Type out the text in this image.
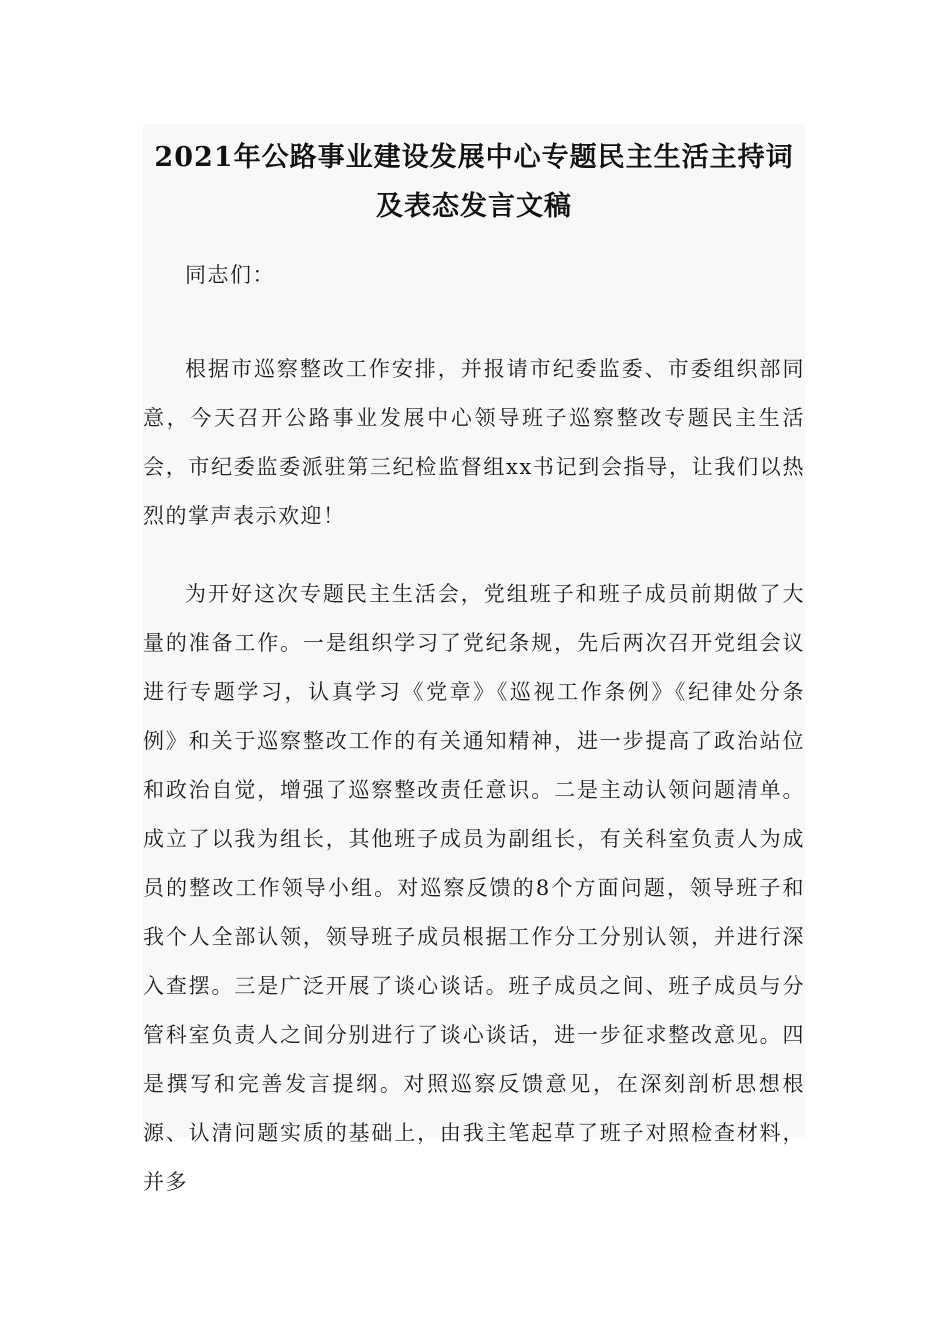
2021年公路事业建设发展中心专题民主生活主持词及表态发言文稿

同志们：

根据市巡察整改工作安排，并报请市纪委监委、市委组织部同意，今天召开公路事业发展中心领导班子巡察整改专题民主生活会，市纪委监委派驻第三纪检监督组xx书记到会指导，让我们以热烈的掌声表示欢迎！

为开好这次专题民主生活会，党组班子和班子成员前期做了大量的准备工作。一是组织学习了党纪条规，先后两次召开党组会议进行专题学习，认真学习《党章》《巡视工作条例》《纪律处分条例》和关于巡察整改工作的有关通知精神，进一步提高了政治站位和政治自觉，增强了巡察整改责任意识。二是主动认领问题清单。成立了以我为组长，其他班子成员为副组长，有关科室负责人为成员的整改工作领导小组。对巡察反馈的8个方面问题，领导班子和我个人全部认领，领导班子成员根据工作分工分别认领，并进行深入查摆。三是广泛开展了谈心谈话。班子成员之间、班子成员与分管科室负责人之间分别进行了谈心谈话，进一步征求整改意见。四是撰写和完善发言提纲。对照巡察反馈意见，在深刻剖析思想根源、认清问题实质的基础上，由我主笔起草了班子对照检查材料，并多
